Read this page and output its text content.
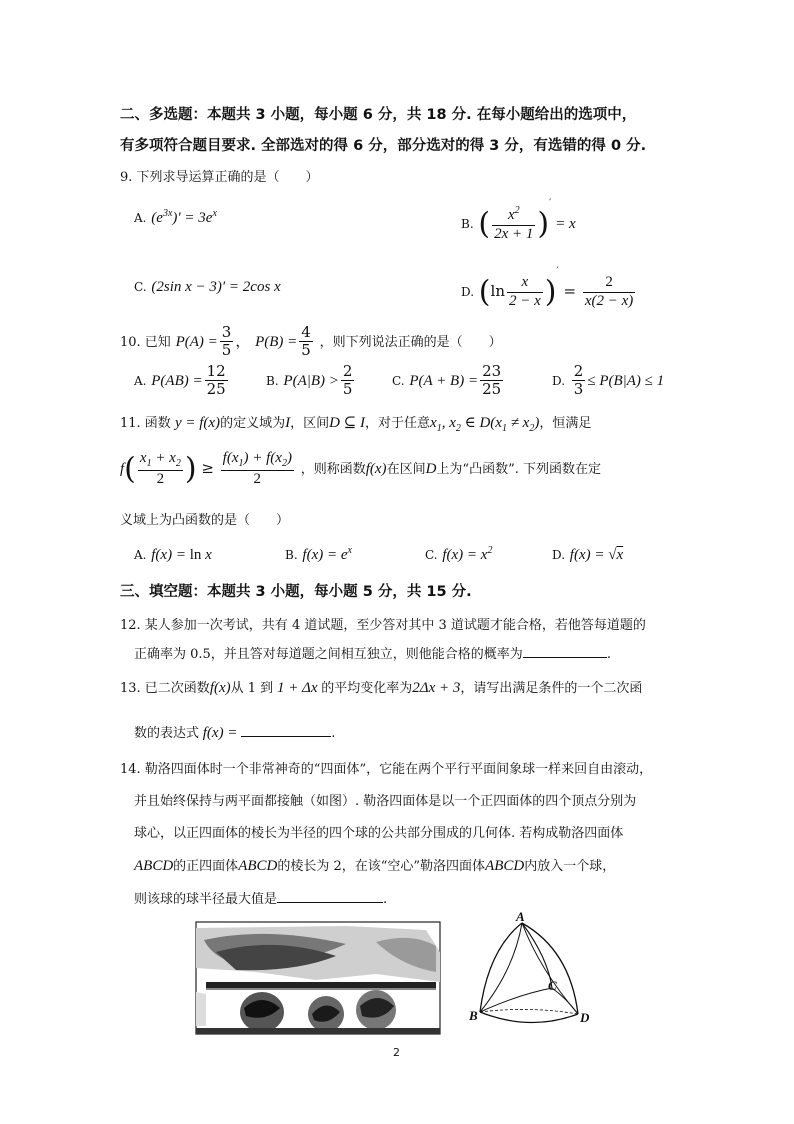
二、多选题：本题共 3 小题，每小题 6 分，共 18 分. 在每小题给出的选项中，
有多项符合题目要求. 全部选对的得 6 分，部分选对的得 3 分，有选错的得 0 分.
9. 下列求导运算正确的是（　　）
A. $(e^{3x})' = 3e^x$
B. ( $\frac{x^2}{2x + 1} )' = x$
C. (2sin x − 3)′ = 2cos x	D. $(\ln \frac{x}{2 - x} )' = \frac{2}{x(2 - x)}$
10. 已知 $P(A) = \frac{3}{5}$ ， $P(B) = \frac{4}{5}$ ，则下列说法正确的是（　　）
A. $P(AB) = \frac{12}{25}$	B. $P(A|B) > \frac{2}{5}$	C. $P(A + B) = \frac{23}{25}$	D. $\frac{2}{3} \le P(B|A) \le 1$
11. 函数 y = f(x)的定义域为I，区间D ⊆ I，对于任意$x_1$, $x_2$ ∈ $D(x_1 \ne x_2)$，恒满足
$f( \frac{x_1 + x_2}{2}$ ) ≥ $\frac{f(x_1) + f(x_2)}{2}$ ，则称函数f(x)在区间D上为“凸函数”. 下列函数在定
义域上为凸函数的是（　　）
A. f(x) = ln x	B. $f(x) = e^x$	C. $f(x) = x^2$	D. f(x) = √x
三、填空题：本题共 3 小题，每小题 5 分，共 15 分.
12. 某人参加一次考试，共有 4 道试题，至少答对其中 3 道试题才能合格，若他答每道题的
正确率为 0.5，并且答对每道题之间相互独立，则他能合格的概率为	.
13. 已二次函数f(x)从 1 到 1 + Δx 的平均变化率为2Δx + 3，请写出满足条件的一个二次函
数的表达式 f(x) =	.
14. 勒洛四面体时一个非常神奇的“四面体”，它能在两个平行平面间象球一样来回自由滚动，
并且始终保持与两平面都接触（如图）. 勒洛四面体是以一个正四面体的四个顶点分别为
球心，以正四面体的棱长为半径的四个球的公共部分围成的几何体. 若构成勒洛四面体
ABCD的正四面体ABCD的棱长为 2，在该“空心”勒洛四面体ABCD内放入一个球，
则该球的球半径最大值是	.
A
B
C
D
2
